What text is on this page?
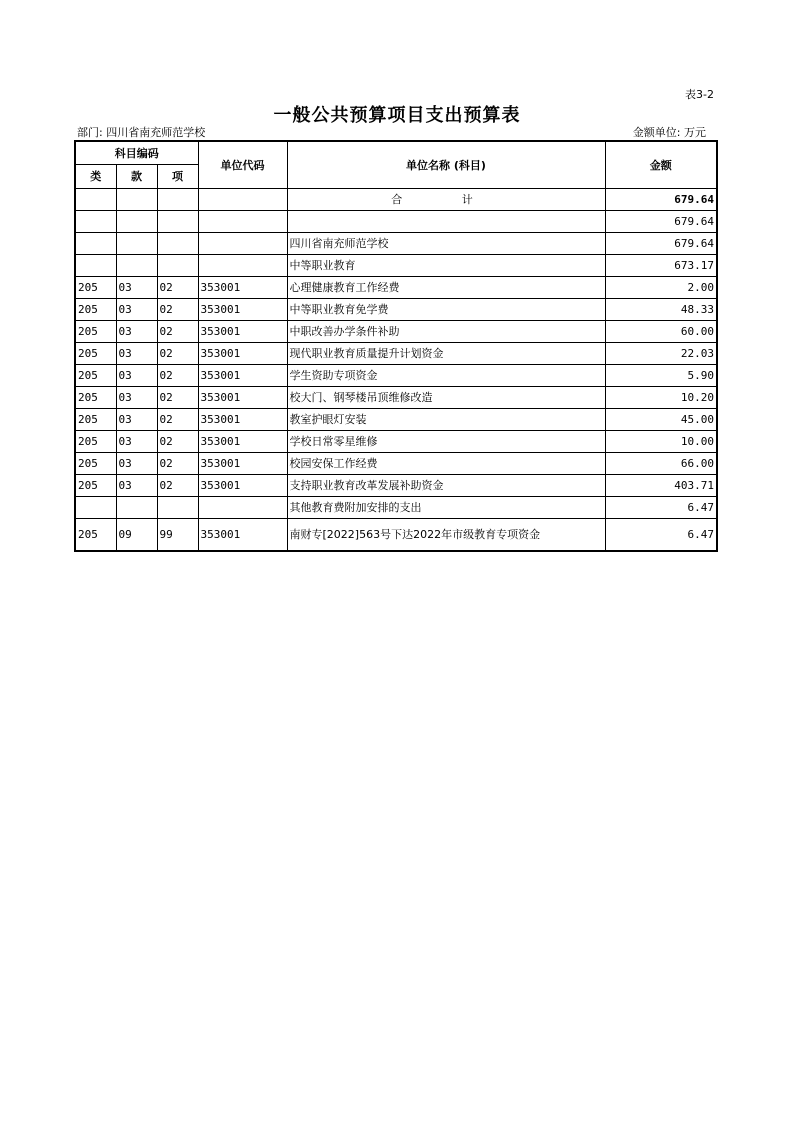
表3-2
一般公共预算项目支出预算表
部门: 四川省南充师范学校	金额单位: 万元
科目编码			单位代码	单位名称 (科目)	金额
类	款	项			
				合 计	679.64
					679.64
				四川省南充师范学校	679.64
				中等职业教育	673.17
205	03	02	353001	心理健康教育工作经费	2.00
205	03	02	353001	中等职业教育免学费	48.33
205	03	02	353001	中职改善办学条件补助	60.00
205	03	02	353001	现代职业教育质量提升计划资金	22.03
205	03	02	353001	学生资助专项资金	5.90
205	03	02	353001	校大门、钢琴楼吊顶维修改造	10.20
205	03	02	353001	教室护眼灯安装	45.00
205	03	02	353001	学校日常零星维修	10.00
205	03	02	353001	校园安保工作经费	66.00
205	03	02	353001	支持职业教育改革发展补助资金	403.71
				其他教育费附加安排的支出	6.47
205	09	99	353001	南财专[2022]563号下达2022年市级教育专项资金	6.47
